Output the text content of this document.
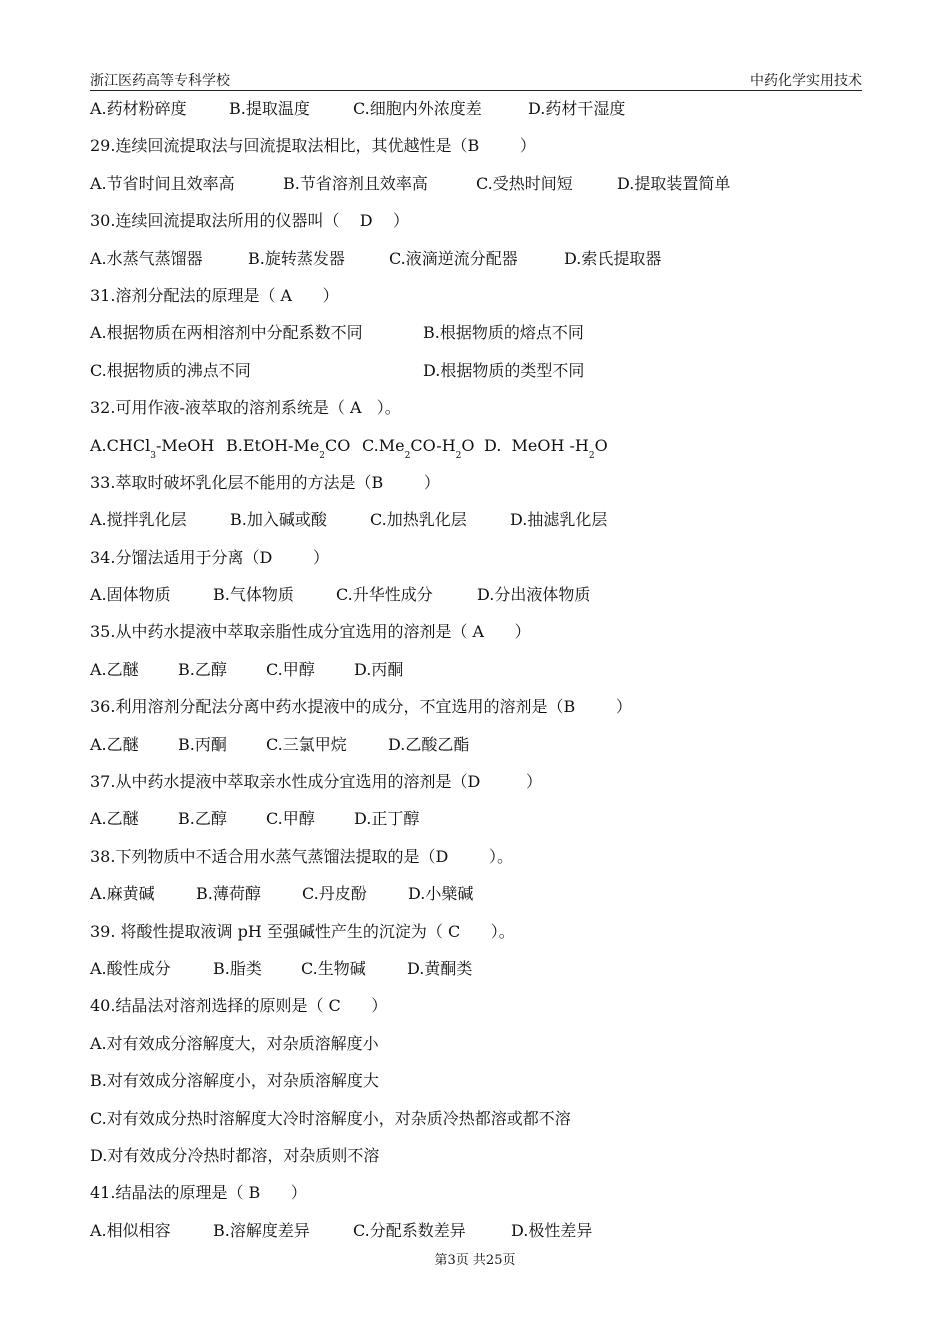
浙江医药高等专科学校	中药化学实用技术
A.药材粉碎度	B.提取温度	C.细胞内外浓度差	D.药材干湿度
29.连续回流提取法与回流提取法相比，其优越性是（B        ）
A.节省时间且效率高	B.节省溶剂且效率高	C.受热时间短	D.提取装置简单
30.连续回流提取法所用的仪器叫（    D    ）
A.水蒸气蒸馏器	B.旋转蒸发器	C.液滴逆流分配器	D.索氏提取器
31.溶剂分配法的原理是（ A      ）
A.根据物质在两相溶剂中分配系数不同	B.根据物质的熔点不同
C.根据物质的沸点不同	D.根据物质的类型不同
32.可用作液-液萃取的溶剂系统是（ A   ）。
A.CHCl$_3$-MeOH $B.EtOH-Me_2CO$ $C.Me_2CO-H_2O$ D.  MeOH $-H_2O$
33.萃取时破坏乳化层不能用的方法是（B        ）
A.搅拌乳化层	B.加入碱或酸	C.加热乳化层	D.抽滤乳化层
34.分馏法适用于分离（D        ）
A.固体物质	B.气体物质	C.升华性成分	D.分出液体物质
35.从中药水提液中萃取亲脂性成分宜选用的溶剂是（ A      ）
A.乙醚 B.乙醇 C.甲醇 D.丙酮
36.利用溶剂分配法分离中药水提液中的成分，不宜选用的溶剂是（B        ）
A.乙醚 B.丙酮 C.三氯甲烷	D.乙酸乙酯
37.从中药水提液中萃取亲水性成分宜选用的溶剂是（D         ）
A.乙醚 B.乙醇 C.甲醇 D.正丁醇
38.下列物质中不适合用水蒸气蒸馏法提取的是（D        ）。
A.麻黄碱	B.薄荷醇	C.丹皮酚	D.小檗碱
39. 将酸性提取液调 pH 至强碱性产生的沉淀为（ C      ）。
A.酸性成分	B.脂类 C.生物碱	D.黄酮类
40.结晶法对溶剂选择的原则是（ C      ）
A.对有效成分溶解度大，对杂质溶解度小
B.对有效成分溶解度小，对杂质溶解度大
C.对有效成分热时溶解度大冷时溶解度小，对杂质冷热都溶或都不溶
D.对有效成分冷热时都溶，对杂质则不溶
41.结晶法的原理是（ B      ）
A.相似相容	B.溶解度差异	C.分配系数差异	D.极性差异
第3页 共25页
